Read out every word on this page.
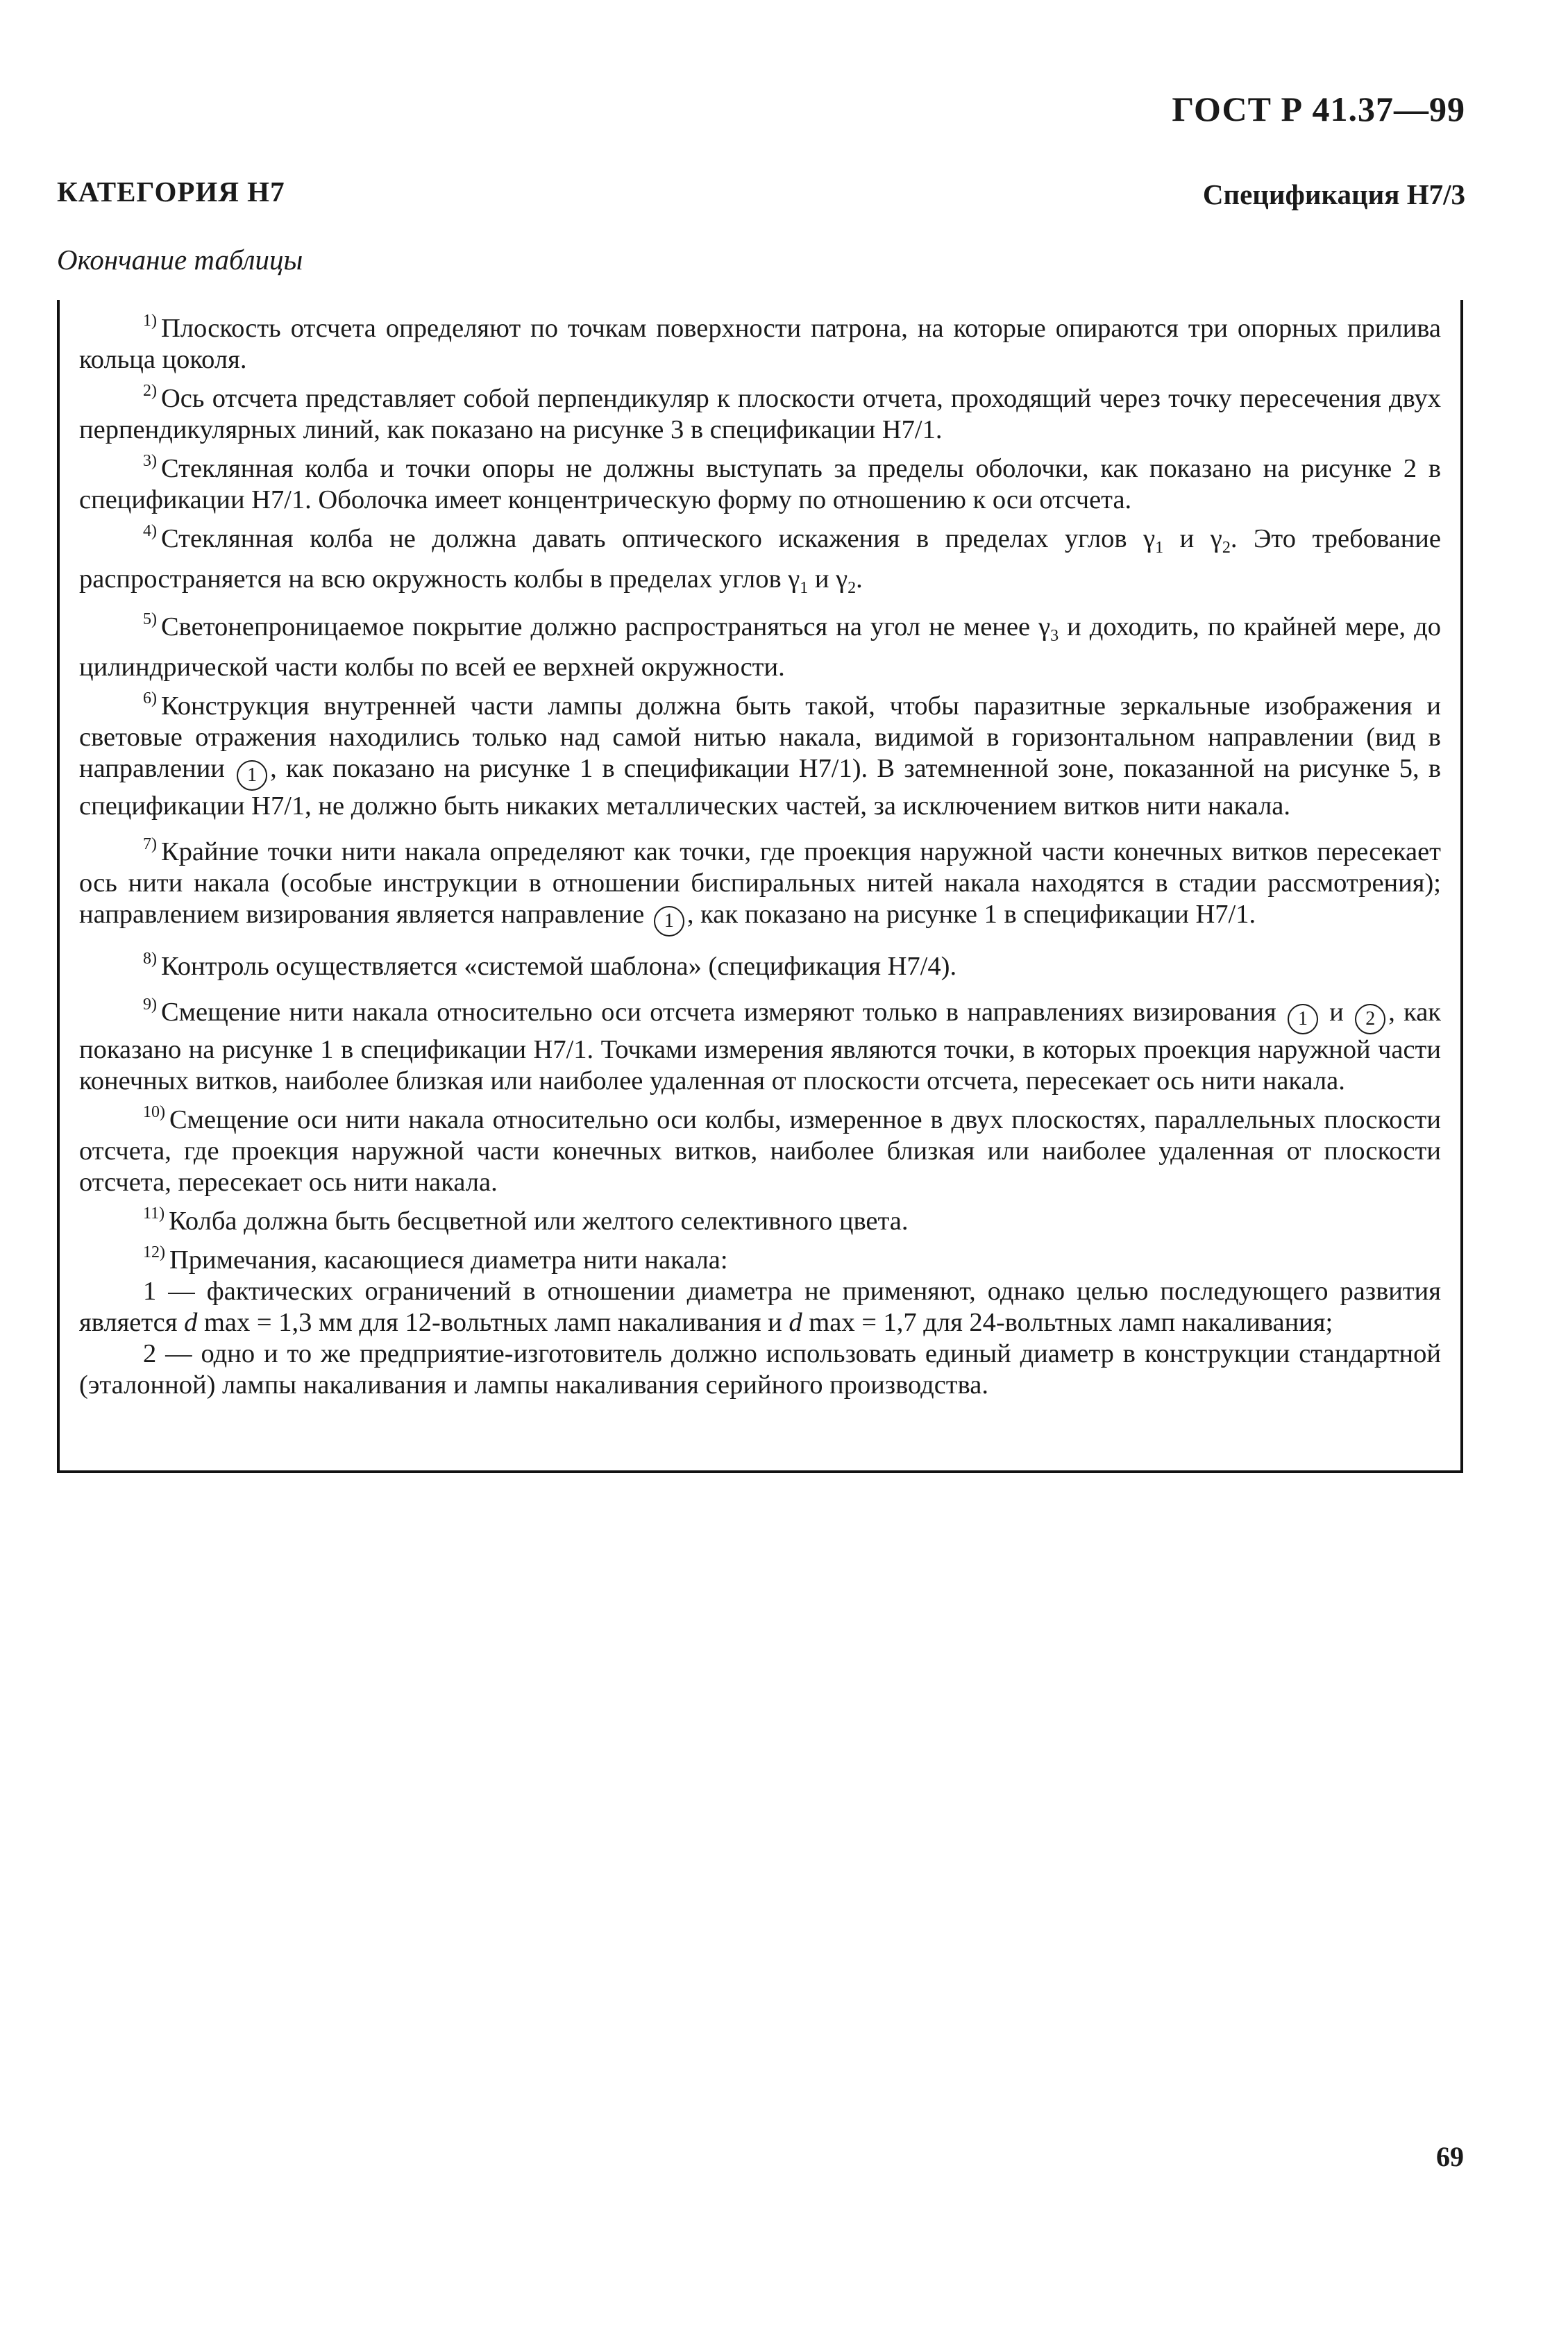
ГОСТ Р 41.37—99
КАТЕГОРИЯ Н7	Спецификация Н7/3
Окончание таблицы

$^{1)}$ Плоскость отсчета определяют по точкам поверхности патрона, на которые опираются три опорных прилива кольца цоколя.

$^{2)}$ Ось отсчета представляет собой перпендикуляр к плоскости отчета, проходящий через точку пересечения двух перпендикулярных линий, как показано на рисунке 3 в спецификации Н7/1.

$^{3)}$ Стеклянная колба и точки опоры не должны выступать за пределы оболочки, как показано на рисунке 2 в спецификации Н7/1. Оболочка имеет концентрическую форму по отношению к оси отсчета.

$^{4)}$ Стеклянная колба не должна давать оптического искажения в пределах углов $\gamma_1$ и $\gamma_2$. Это требование распространяется на всю окружность колбы в пределах углов $\gamma_1$ и $\gamma_2$.

$^{5)}$ Светонепроницаемое покрытие должно распространяться на угол не менее $\gamma_3$ и доходить, по крайней мере, до цилиндрической части колбы по всей ее верхней окружности.

$^{6)}$ Конструкция внутренней части лампы должна быть такой, чтобы паразитные зеркальные изображения и световые отражения находились только над самой нитью накала, видимой в горизонтальном направлении (вид в направлении 1 , как показано на рисунке 1 в спецификации Н7/1). В затемненной зоне, показанной на рисунке 5, в спецификации Н7/1, не должно быть никаких металлических частей, за исключением витков нити накала.

$^{7)}$ Крайние точки нити накала определяют как точки, где проекция наружной части конечных витков пересекает ось нити накала (особые инструкции в отношении биспиральных нитей накала находятся в стадии рассмотрения); направлением визирования является направление 1 , как показано на рисунке 1 в спецификации Н7/1.

$^{8)}$ Контроль осуществляется «системой шаблона» (спецификация Н7/4).

$^{9)}$ Смещение нити накала относительно оси отсчета измеряют только в направлениях визирования 1 и 2 , как показано на рисунке 1 в спецификации Н7/1. Точками измерения являются точки, в которых проекция наружной части конечных витков, наиболее близкая или наиболее удаленная от плоскости отсчета, пересекает ось нити накала.

$^{10)}$ Смещение оси нити накала относительно оси колбы, измеренное в двух плоскостях, параллельных плоскости отсчета, где проекция наружной части конечных витков, наиболее близкая или наиболее удаленная от плоскости отсчета, пересекает ось нити накала.

$^{11)}$ Колба должна быть бесцветной или желтого селективного цвета.

$^{12)}$ Примечания, касающиеся диаметра нити накала:

1 — фактических ограничений в отношении диаметра не применяют, однако целью последующего развития является d max = 1,3 мм для 12-вольтных ламп накаливания и d max = 1,7 для 24-вольтных ламп накаливания;

2 — одно и то же предприятие-изготовитель должно использовать единый диаметр в конструкции стандартной (эталонной) лампы накаливания и лампы накаливания серийного производства.

69
